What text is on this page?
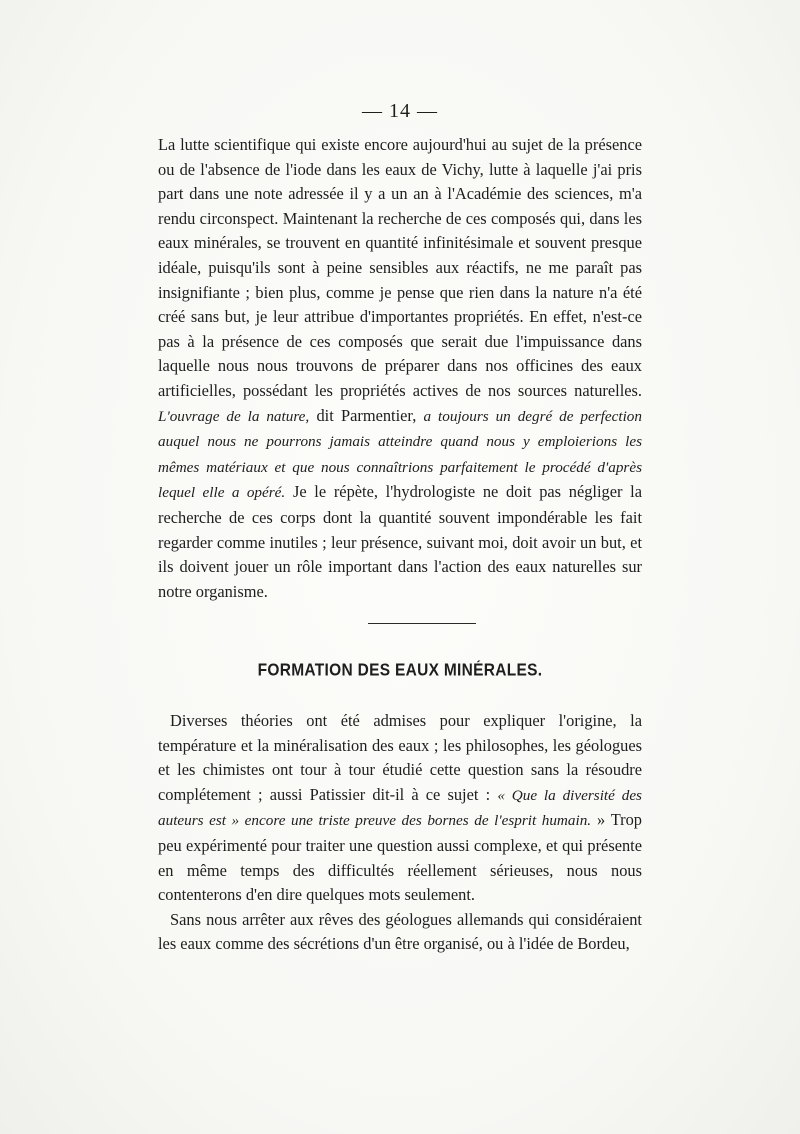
— 14 —

La lutte scientifique qui existe encore aujourd'hui au sujet de la présence ou de l'absence de l'iode dans les eaux de Vichy, lutte à laquelle j'ai pris part dans une note adressée il y a un an à l'Académie des sciences, m'a rendu circonspect. Maintenant la recherche de ces composés qui, dans les eaux minérales, se trouvent en quantité infinitésimale et souvent presque idéale, puisqu'ils sont à peine sensibles aux réactifs, ne me paraît pas insignifiante ; bien plus, comme je pense que rien dans la nature n'a été créé sans but, je leur attribue d'importantes propriétés. En effet, n'est-ce pas à la présence de ces composés que serait due l'impuissance dans laquelle nous nous trouvons de préparer dans nos officines des eaux artificielles, possédant les propriétés actives de nos sources naturelles. L'ouvrage de la nature, dit Parmentier, a toujours un degré de perfection auquel nous ne pourrons jamais atteindre quand nous y emploierions les mêmes matériaux et que nous connaîtrions parfaitement le procédé d'après lequel elle a opéré. Je le répète, l'hydrologiste ne doit pas négliger la recherche de ces corps dont la quantité souvent impondérable les fait regarder comme inutiles ; leur présence, suivant moi, doit avoir un but, et ils doivent jouer un rôle important dans l'action des eaux naturelles sur notre organisme.

FORMATION DES EAUX MINÉRALES.

Diverses théories ont été admises pour expliquer l'origine, la température et la minéralisation des eaux ; les philosophes, les géologues et les chimistes ont tour à tour étudié cette question sans la résoudre complétement ; aussi Patissier dit-il à ce sujet : « Que la diversité des auteurs est » encore une triste preuve des bornes de l'esprit humain. » Trop peu expérimenté pour traiter une question aussi complexe, et qui présente en même temps des difficultés réellement sérieuses, nous nous contenterons d'en dire quelques mots seulement.

Sans nous arrêter aux rêves des géologues allemands qui considéraient les eaux comme des sécrétions d'un être organisé, ou à l'idée de Bordeu,
